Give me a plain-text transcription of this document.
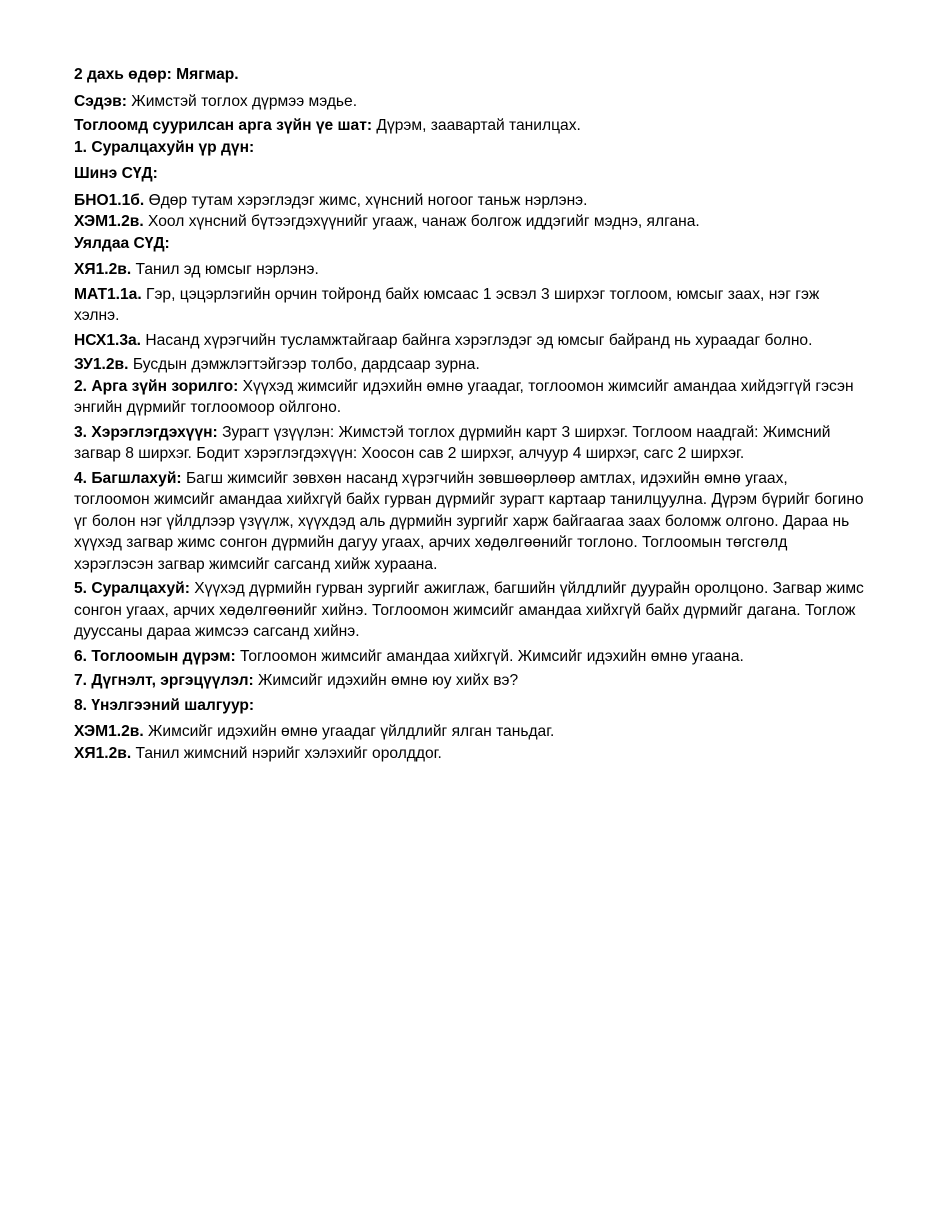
2 дахь өдөр: Мягмар.

Сэдэв: Жимстэй тоглох дүрмээ мэдье.

Тоглоомд суурилсан арга зүйн үе шат: Дүрэм, заавартай танилцах.

1. Суралцахуйн үр дүн:

Шинэ СҮД:

БНО1.1б. Өдөр тутам хэрэглэдэг жимс, хүнсний ногоог таньж нэрлэнэ.

ХЭМ1.2в. Хоол хүнсний бүтээгдэхүүнийг угааж, чанаж болгож иддэгийг мэднэ, ялгана.

Уялдаа СҮД:

ХЯ1.2в. Танил эд юмсыг нэрлэнэ.

МАТ1.1а. Гэр, цэцэрлэгийн орчин тойронд байх юмсаас 1 эсвэл 3 ширхэг тоглоом, юмсыг заах, нэг гэж хэлнэ.

НСХ1.3а. Насанд хүрэгчийн тусламжтайгаар байнга хэрэглэдэг эд юмсыг байранд нь хураадаг болно.

ЗУ1.2в. Бусдын дэмжлэгтэйгээр толбо, дардсаар зурна.

2. Арга зүйн зорилго: Хүүхэд жимсийг идэхийн өмнө угаадаг, тоглоомон жимсийг амандаа хийдэггүй гэсэн энгийн дүрмийг тоглоомоор ойлгоно.

3. Хэрэглэгдэхүүн: Зурагт үзүүлэн: Жимстэй тоглох дүрмийн карт 3 ширхэг. Тоглоом наадгай: Жимсний загвар 8 ширхэг. Бодит хэрэглэгдэхүүн: Хоосон сав 2 ширхэг, алчуур 4 ширхэг, сагс 2 ширхэг.

4. Багшлахуй: Багш жимсийг зөвхөн насанд хүрэгчийн зөвшөөрлөөр амтлах, идэхийн өмнө угаах, тоглоомон жимсийг амандаа хийхгүй байх гурван дүрмийг зурагт картаар танилцуулна. Дүрэм бүрийг богино үг болон нэг үйлдлээр үзүүлж, хүүхдэд аль дүрмийн зургийг харж байгаагаа заах боломж олгоно. Дараа нь хүүхэд загвар жимс сонгон дүрмийн дагуу угаах, арчих хөдөлгөөнийг тоглоно. Тоглоомын төгсгөлд хэрэглэсэн загвар жимсийг сагсанд хийж хураана.

5. Суралцахуй: Хүүхэд дүрмийн гурван зургийг ажиглаж, багшийн үйлдлийг дуурайн оролцоно. Загвар жимс сонгон угаах, арчих хөдөлгөөнийг хийнэ. Тоглоомон жимсийг амандаа хийхгүй байх дүрмийг дагана. Тоглож дууссаны дараа жимсээ сагсанд хийнэ.

6. Тоглоомын дүрэм: Тоглоомон жимсийг амандаа хийхгүй. Жимсийг идэхийн өмнө угаана.

7. Дүгнэлт, эргэцүүлэл: Жимсийг идэхийн өмнө юу хийх вэ?

8. Үнэлгээний шалгуур:

ХЭМ1.2в. Жимсийг идэхийн өмнө угаадаг үйлдлийг ялган таньдаг.

ХЯ1.2в. Танил жимсний нэрийг хэлэхийг оролддог.
